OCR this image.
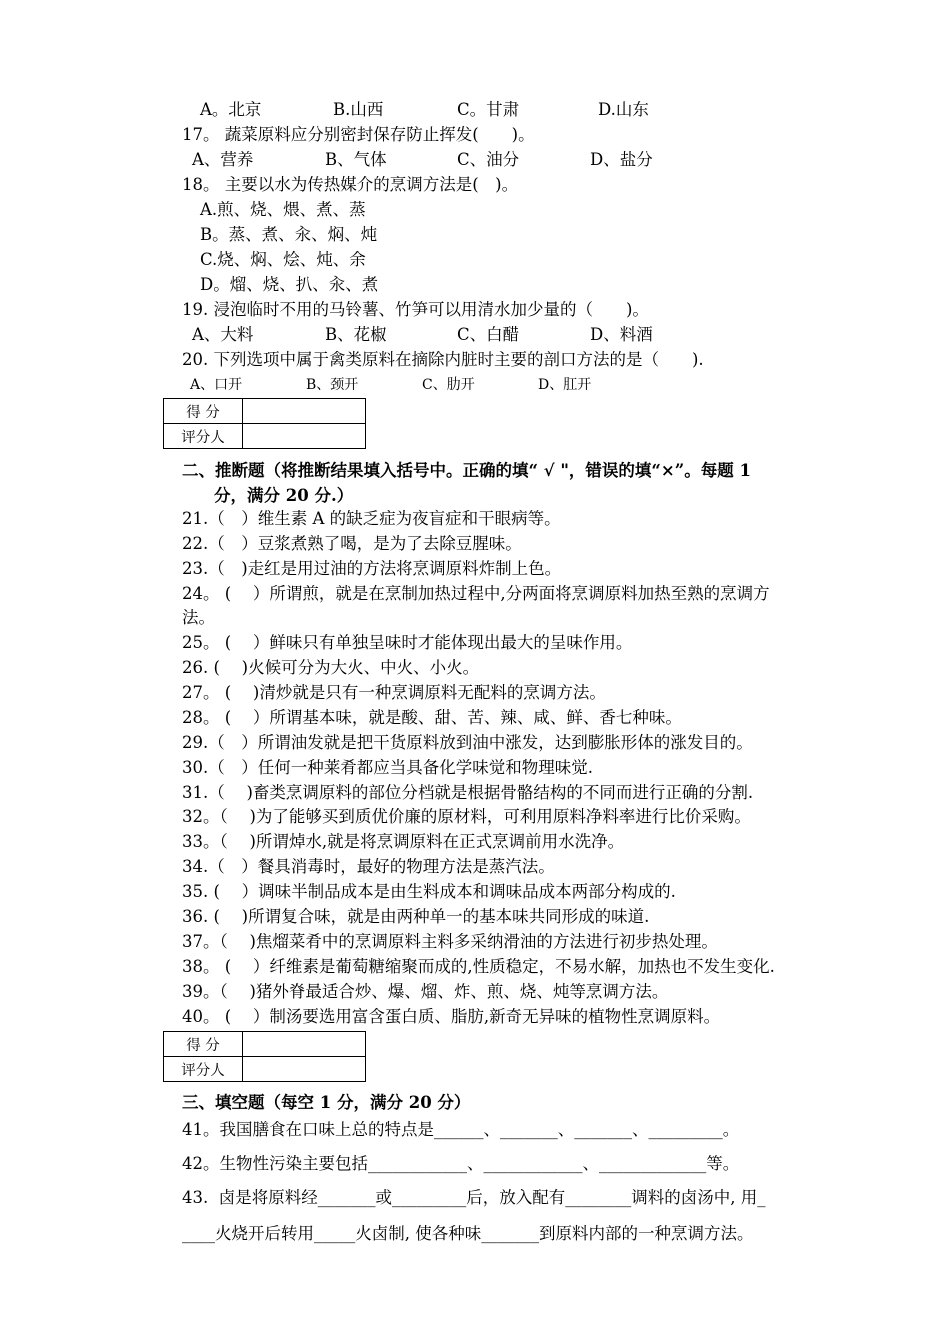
A。北京	B.山西	C。甘肃	D.山东
17。 蔬菜原料应分别密封保存防止挥发(　　)。
A、营养	B、气体	C、油分	D、盐分
18。 主要以水为传热媒介的烹调方法是(　)。
A.煎、烧、煨、煮、蒸
B。蒸、煮、汆、焖、炖
C.烧、焖、烩、炖、余
D。熘、烧、扒、汆、煮
19. 浸泡临时不用的马铃薯、竹笋可以用清水加少量的（　　)。
A、大料	B、花椒	C、白醋	D、料酒
20. 下列选项中属于禽类原料在摘除内脏时主要的剖口方法的是（　　).
A、口开	B、颈开	C、肋开	D、肛开
得 分	
评分人	
二、推断题（将推断结果填入括号中。正确的填“ √ "，错误的填“×”。每题 1
分，满分 20 分.）
21.（　）维生素 A 的缺乏症为夜盲症和干眼病等。
22.（　）豆浆煮熟了喝，是为了去除豆腥味。
23.（　)走红是用过油的方法将烹调原料炸制上色。
24。 (　 ）所谓煎，就是在烹制加热过程中,分两面将烹调原料加热至熟的烹调方
法。
25。 (　 ）鲜味只有单独呈味时才能体现出最大的呈味作用。
26. (　 )火候可分为大火、中火、小火。
27。 (　 )清炒就是只有一种烹调原料无配料的烹调方法。
28。 (　 ）所谓基本味，就是酸、甜、苦、辣、咸、鲜、香七种味。
29.（　）所谓油发就是把干货原料放到油中涨发，达到膨胀形体的涨发目的。
30.（　）任何一种莱肴都应当具备化学味觉和物理味觉.
31.（　 )畜类烹调原料的部位分档就是根据骨骼结构的不同而进行正确的分割.
32。（　 )为了能够买到质优价廉的原材料，可利用原料净料率进行比价采购。
33。（　 )所谓焯水,就是将烹调原料在正式烹调前用水洗净。
34.（　）餐具消毒时，最好的物理方法是蒸汽法。
35. (　 ）调味半制品成本是由生料成本和调味品成本两部分构成的.
36. (　 )所谓复合味，就是由两种单一的基本味共同形成的味道.
37。（　 )焦熘菜肴中的烹调原料主料多采纳滑油的方法进行初步热处理。
38。 (　 ）纤维素是葡萄糖缩聚而成的,性质稳定，不易水解，加热也不发生变化.
39。（　 )猪外脊最适合炒、爆、熘、炸、煎、烧、炖等烹调方法。
40。 (　 ）制汤要选用富含蛋白质、脂肪,新奇无异味的植物性烹调原料。
得 分	
评分人	
三、填空题（每空 1 分，满分 20 分）
41。我国膳食在口味上总的特点是______、_______、_______、_________。
42。生物性污染主要包括____________、____________、_____________等。
43.  卤是将原料经_______或_________后，放入配有________调料的卤汤中, 用_
____火烧开后转用_____火卤制, 使各种味_______到原料内部的一种烹调方法。
